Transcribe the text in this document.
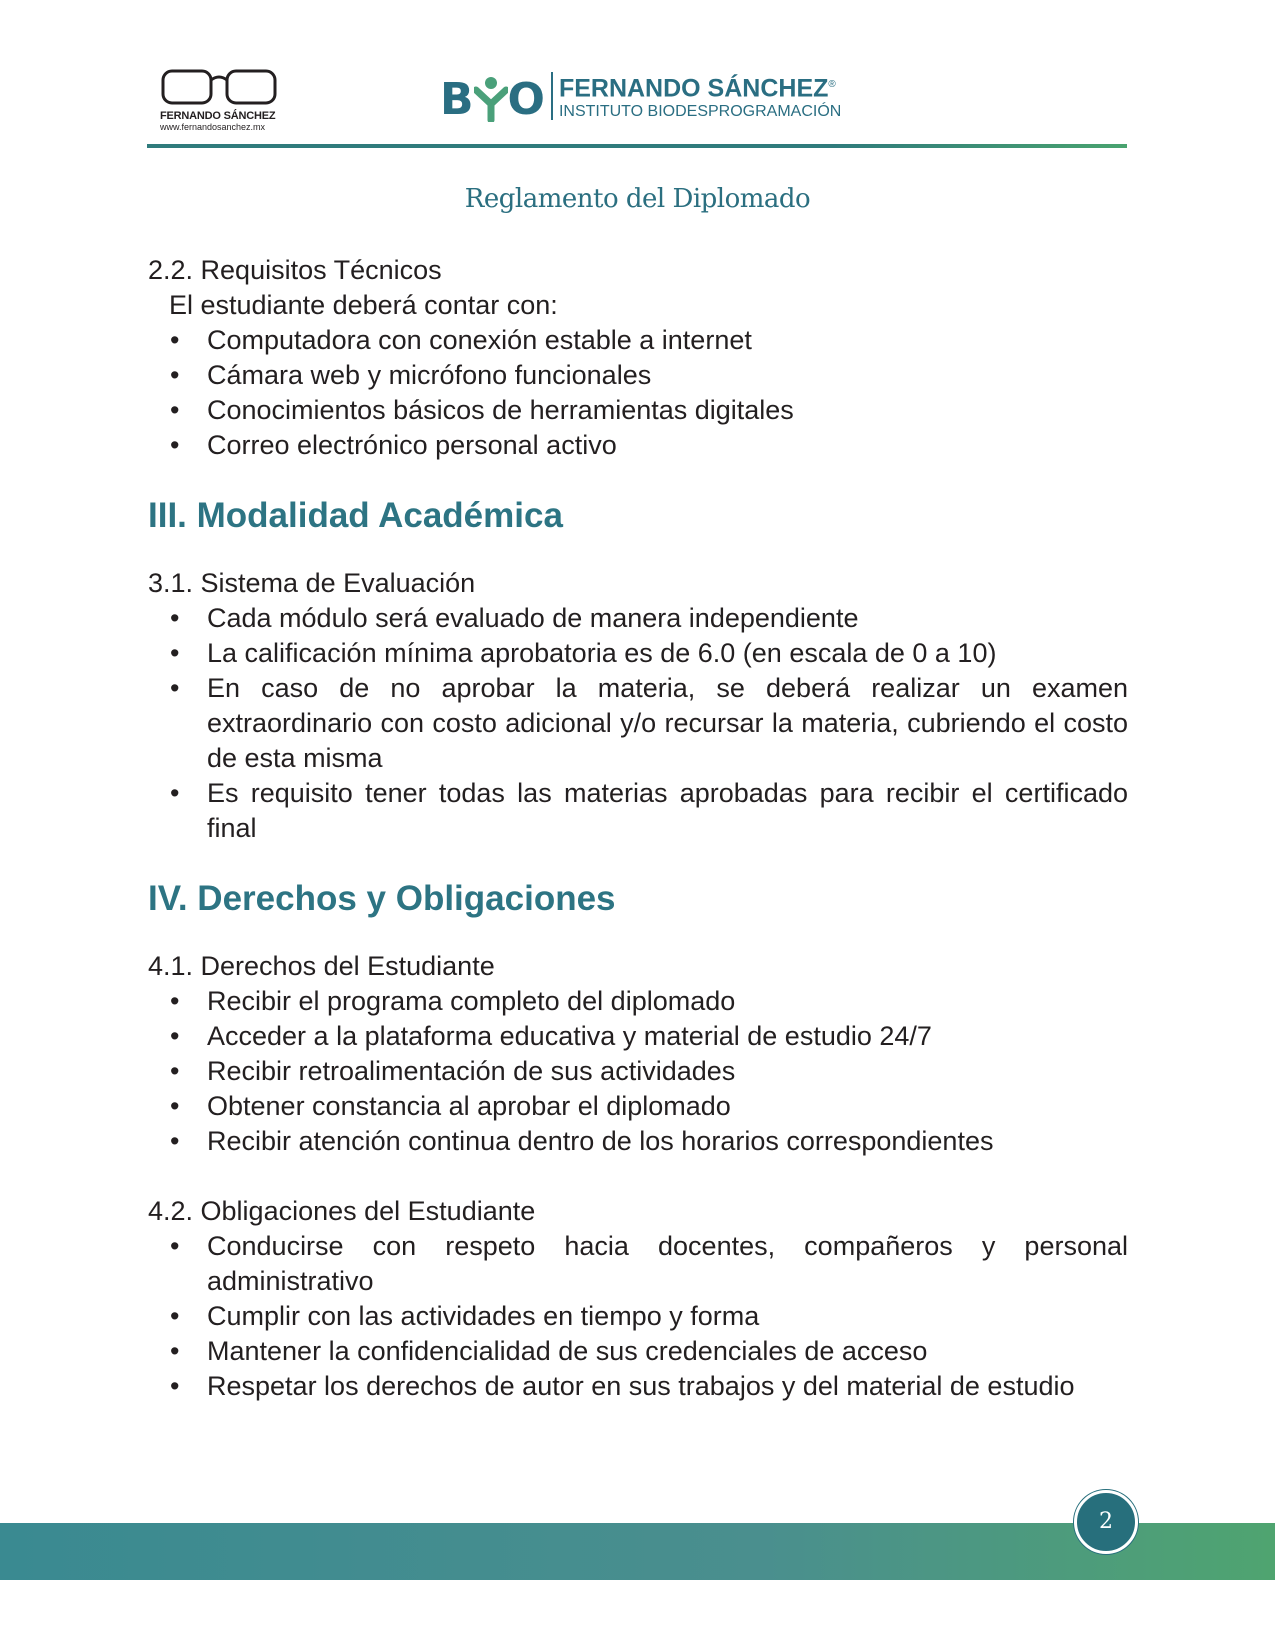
FERNANDO SÁNCHEZ
www.fernandosanchez.mx
B O FERNANDO SÁNCHEZ®
INSTITUTO BIODESPROGRAMACIÓN
Reglamento del Diplomado

2.2. Requisitos Técnicos

El estudiante deberá contar con:

• Computadora con conexión estable a internet
• Cámara web y micrófono funcionales
• Conocimientos básicos de herramientas digitales
• Correo electrónico personal activo
III. Modalidad Académica

3.1. Sistema de Evaluación

• Cada módulo será evaluado de manera independiente
• La calificación mínima aprobatoria es de 6.0 (en escala de 0 a 10)
• En caso de no aprobar la materia, se deberá realizar un examen extraordinario con costo adicional y/o recursar la materia, cubriendo el costo de esta misma
• Es requisito tener todas las materias aprobadas para recibir el certificado final
IV. Derechos y Obligaciones

4.1. Derechos del Estudiante

• Recibir el programa completo del diplomado
• Acceder a la plataforma educativa y material de estudio 24/7
• Recibir retroalimentación de sus actividades
• Obtener constancia al aprobar el diplomado
• Recibir atención continua dentro de los horarios correspondientes

4.2. Obligaciones del Estudiante

• Conducirse con respeto hacia docentes, compañeros y personal administrativo
• Cumplir con las actividades en tiempo y forma
• Mantener la confidencialidad de sus credenciales de acceso
• Respetar los derechos de autor en sus trabajos y del material de estudio
2
